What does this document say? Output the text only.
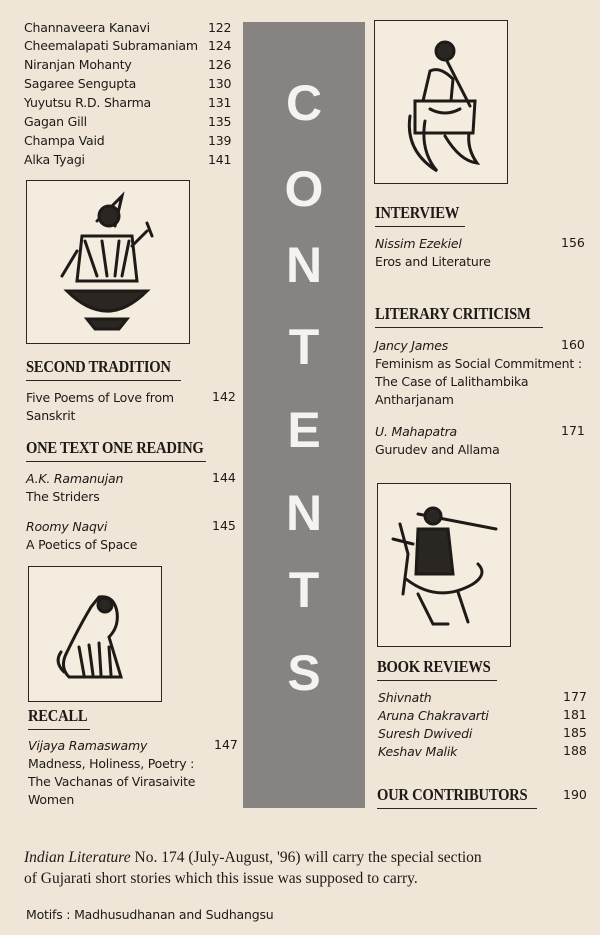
Channaveera Kanavi
Cheemalapati Subramaniam
Niranjan Mohanty
Sagaree Sengupta
Yuyutsu R.D. Sharma
Gagan Gill
Champa Vaid
Alka Tyagi
122
124
126
130
131
135
139
141
C
O
N
T
E
N
T
S
SECOND TRADITION
Five Poems of Love from
Sanskrit
142
ONE TEXT ONE READING
A.K. Ramanujan
The Striders
144
Roomy Naqvi
A Poetics of Space
145
RECALL
Vijaya Ramaswamy
Madness, Holiness, Poetry :
The Vachanas of Virasaivite
Women
147
INTERVIEW
Nissim Ezekiel
Eros and Literature
156
LITERARY CRITICISM
Jancy James
Feminism as Social Commitment :
The Case of Lalithambika
Antharjanam
160
U. Mahapatra
Gurudev and Allama
171
BOOK REVIEWS
Shivnath
Aruna Chakravarti
Suresh Dwivedi
Keshav Malik
177
181
185
188
OUR CONTRIBUTORS	190
Indian Literature No. 174 (July-August, '96) will carry the special section
of Gujarati short stories which this issue was supposed to carry.
Motifs : Madhusudhanan and Sudhangsu
